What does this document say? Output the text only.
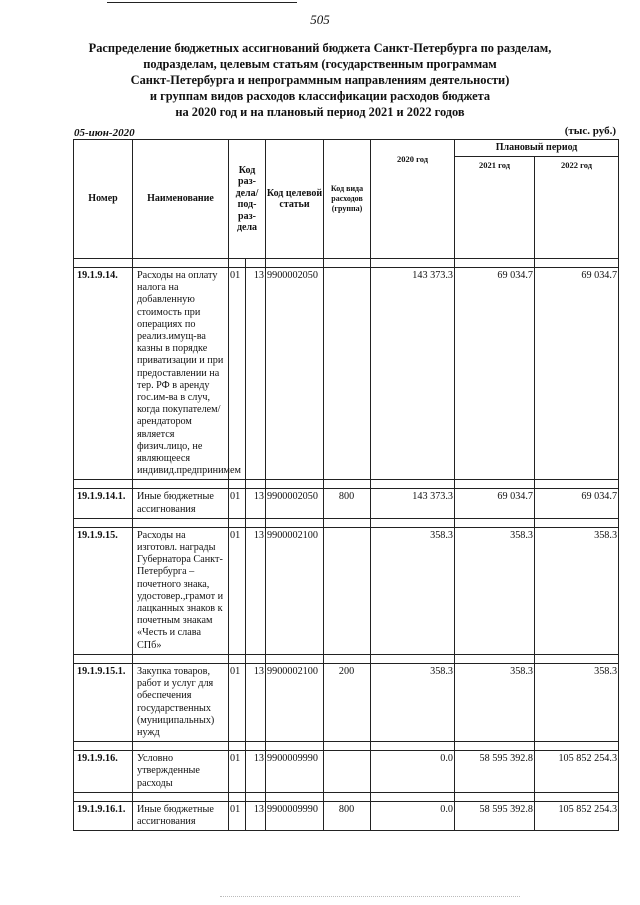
505
Распределение бюджетных ассигнований бюджета Санкт-Петербурга по разделам,
подразделам, целевым статьям (государственным программам
Санкт-Петербурга и непрограммным направлениям деятельности)
и группам видов расходов классификации расходов бюджета
на 2020 год и на плановый период 2021 и 2022 годов
05-июн-2020	(тыс. руб.)
Номер	Наименование	Код раз-дела/ под-раз-дела		Код целевой статьи	Код вида расходов (группа)	2020 год	Плановый период	
							2021 год	2022 год

19.1.9.14.	Расходы на оплату налога на добавленную стоимость при операциях по реализ.имущ-ва казны в порядке приватизации и при предоставлении на тер. РФ в аренду гос.им-ва в случ, когда покупателем/арендатором является физич.лицо, не являющееся индивид.предпринимем	01	13	9900002050		143 373.3	69 034.7	69 034.7

19.1.9.14.1.	Иные бюджетные ассигнования	01	13	9900002050	800	143 373.3	69 034.7	69 034.7

19.1.9.15.	Расходы на изготовл. награды Губернатора Санкт-Петербурга – почетного знака, удостовер.,грамот и лацканных знаков к почетным знакам «Честь и слава СПб»	01	13	9900002100		358.3	358.3	358.3

19.1.9.15.1.	Закупка товаров, работ и услуг для обеспечения государственных (муниципальных) нужд	01	13	9900002100	200	358.3	358.3	358.3

19.1.9.16.	Условно утвержденные расходы	01	13	9900009990		0.0	58 595 392.8	105 852 254.3

19.1.9.16.1.	Иные бюджетные ассигнования	01	13	9900009990	800	0.0	58 595 392.8	105 852 254.3
